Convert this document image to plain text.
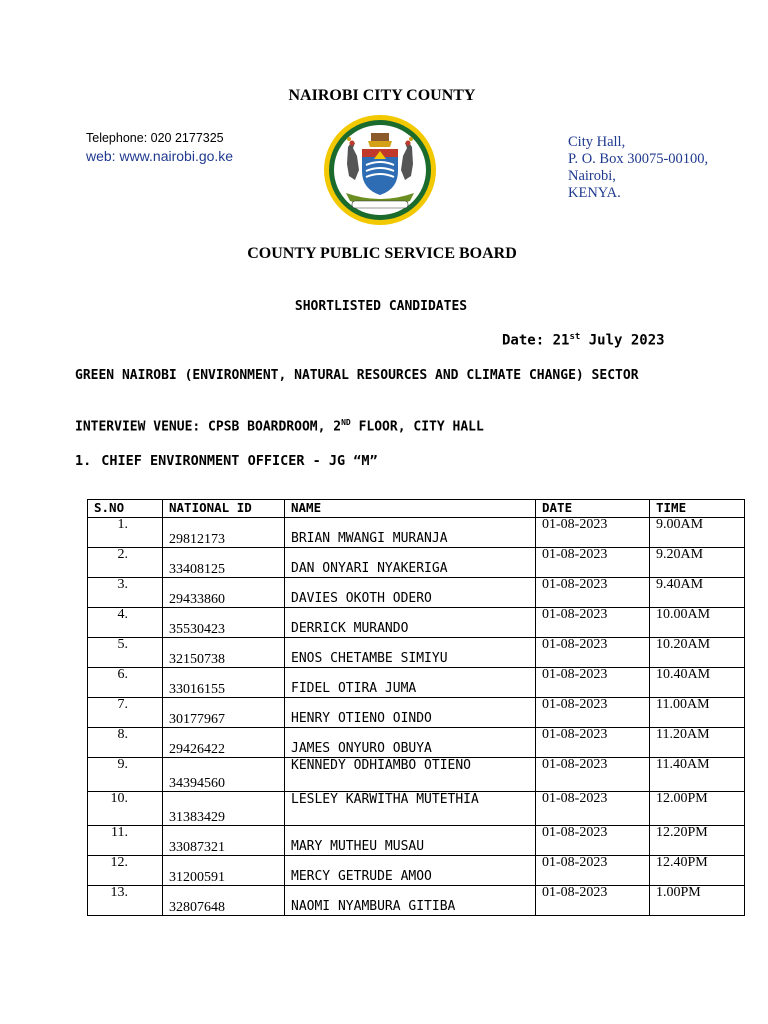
NAIROBI CITY COUNTY
Telephone: 020 2177325
web: www.nairobi.go.ke
City Hall,
P. O. Box 30075-00100,
Nairobi,
KENYA.
COUNTY PUBLIC SERVICE BOARD
SHORTLISTED CANDIDATES
Date: 21st July 2023
GREEN NAIROBI (ENVIRONMENT, NATURAL RESOURCES AND CLIMATE CHANGE) SECTOR
INTERVIEW VENUE: CPSB BOARDROOM, 2ND FLOOR, CITY HALL
1. CHIEF ENVIRONMENT OFFICER - JG “M”
S.NO	NATIONAL ID	NAME	DATE	TIME
1.	29812173	BRIAN MWANGI MURANJA	01-08-2023	9.00AM
2.	33408125	DAN ONYARI NYAKERIGA	01-08-2023	9.20AM
3.	29433860	DAVIES OKOTH ODERO	01-08-2023	9.40AM
4.	35530423	DERRICK MURANDO	01-08-2023	10.00AM
5.	32150738	ENOS CHETAMBE SIMIYU	01-08-2023	10.20AM
6.	33016155	FIDEL OTIRA JUMA	01-08-2023	10.40AM
7.	30177967	HENRY OTIENO OINDO	01-08-2023	11.00AM
8.	29426422	JAMES ONYURO OBUYA	01-08-2023	11.20AM
9.	34394560	KENNEDY ODHIAMBO OTIENO	01-08-2023	11.40AM
10.	31383429	LESLEY KARWITHA MUTETHIA	01-08-2023	12.00PM
11.	33087321	MARY MUTHEU MUSAU	01-08-2023	12.20PM
12.	31200591	MERCY GETRUDE AMOO	01-08-2023	12.40PM
13.	32807648	NAOMI NYAMBURA GITIBA	01-08-2023	1.00PM
